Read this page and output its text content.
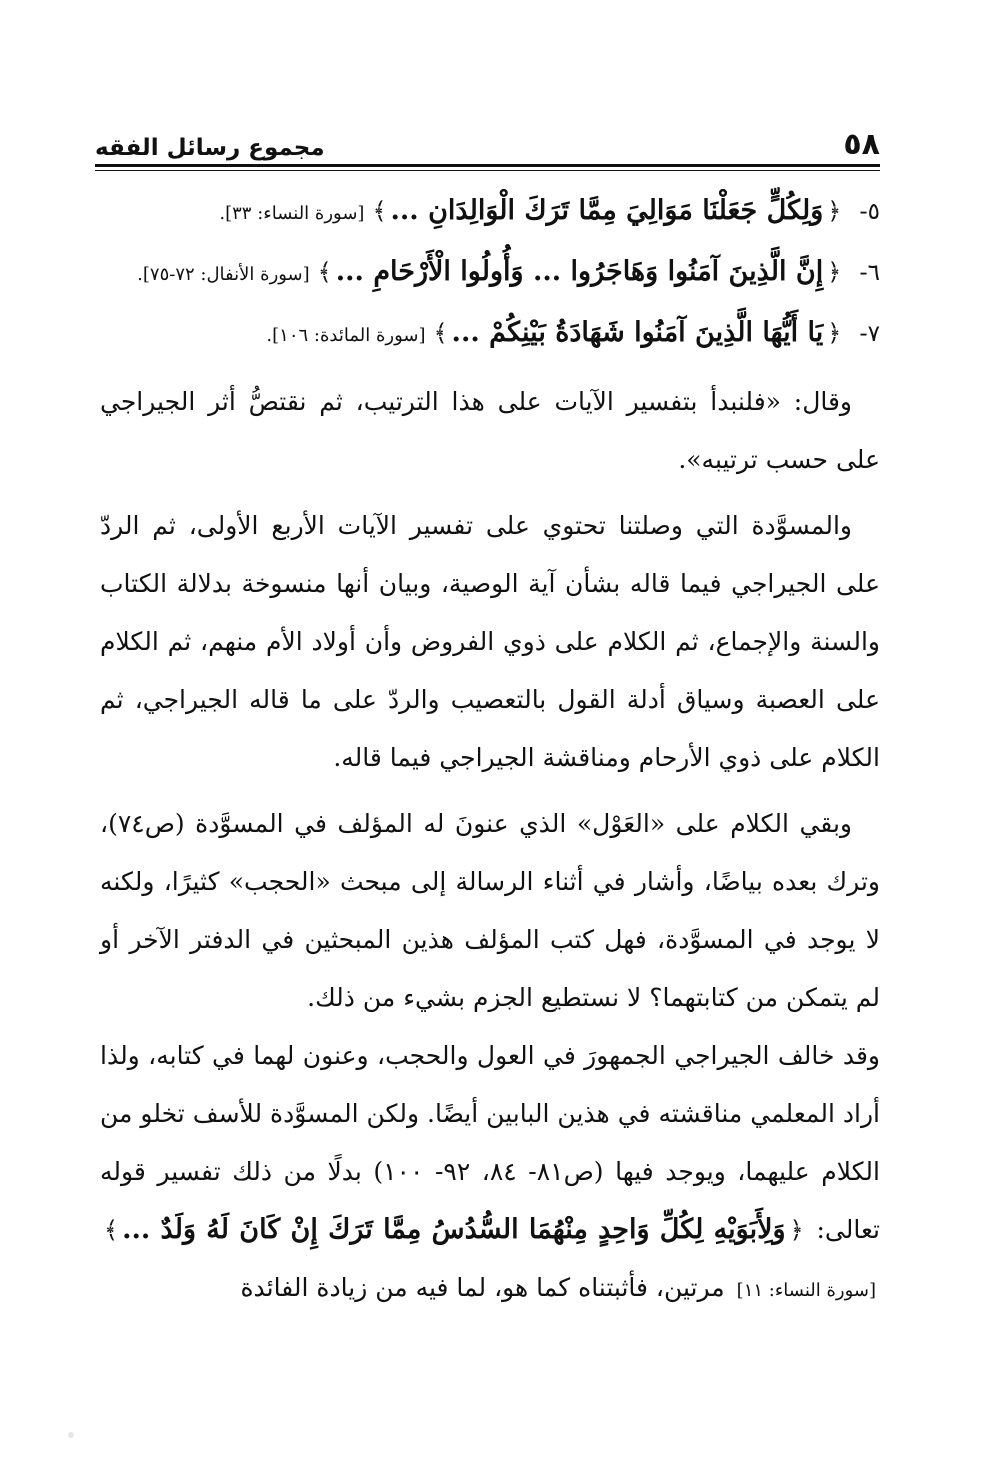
٥٨
مجموع رسائل الفقه
٥-
﴿وَلِكُلٍّ جَعَلْنَا مَوَالِيَ مِمَّا تَرَكَ الْوَالِدَانِ ...﴾[سورة النساء: ٣٣].
٦-
﴿إِنَّ الَّذِينَ آمَنُوا وَهَاجَرُوا ... وَأُولُوا الْأَرْحَامِ ...﴾[سورة الأنفال: ٧٢-٧٥].
٧-
﴿يَا أَيُّهَا الَّذِينَ آمَنُوا شَهَادَةُ بَيْنِكُمْ ...﴾[سورة المائدة: ١٠٦].

وقال: «فلنبدأ بتفسير الآيات على هذا الترتيب، ثم نقتصُّ أثر الجيراجي على حسب ترتيبه».

والمسوَّدة التي وصلتنا تحتوي على تفسير الآيات الأربع الأولى، ثم الردّ على الجيراجي فيما قاله بشأن آية الوصية، وبيان أنها منسوخة بدلالة الكتاب والسنة والإجماع، ثم الكلام على ذوي الفروض وأن أولاد الأم منهم، ثم الكلام على العصبة وسياق أدلة القول بالتعصيب والردّ على ما قاله الجيراجي، ثم الكلام على ذوي الأرحام ومناقشة الجيراجي فيما قاله.

وبقي الكلام على «العَوْل» الذي عنونَ له المؤلف في المسوَّدة (ص٧٤)، وترك بعده بياضًا، وأشار في أثناء الرسالة إلى مبحث «الحجب» كثيرًا، ولكنه لا يوجد في المسوَّدة، فهل كتب المؤلف هذين المبحثين في الدفتر الآخر أو لم يتمكن من كتابتهما؟ لا نستطيع الجزم بشيء من ذلك.

وقد خالف الجيراجي الجمهورَ في العول والحجب، وعنون لهما في كتابه، ولذا أراد المعلمي مناقشته في هذين البابين أيضًا. ولكن المسوَّدة للأسف تخلو من الكلام عليهما، ويوجد فيها (ص٨١- ٨٤، ٩٢- ١٠٠) بدلًا من ذلك تفسير قوله تعالى: ﴿وَلِأَبَوَيْهِ لِكُلِّ وَاحِدٍ مِنْهُمَا السُّدُسُ مِمَّا تَرَكَ إِنْ كَانَ لَهُ وَلَدٌ ...﴾[سورة النساء: ١١] مرتين، فأثبتناه كما هو، لما فيه من زيادة الفائدة
